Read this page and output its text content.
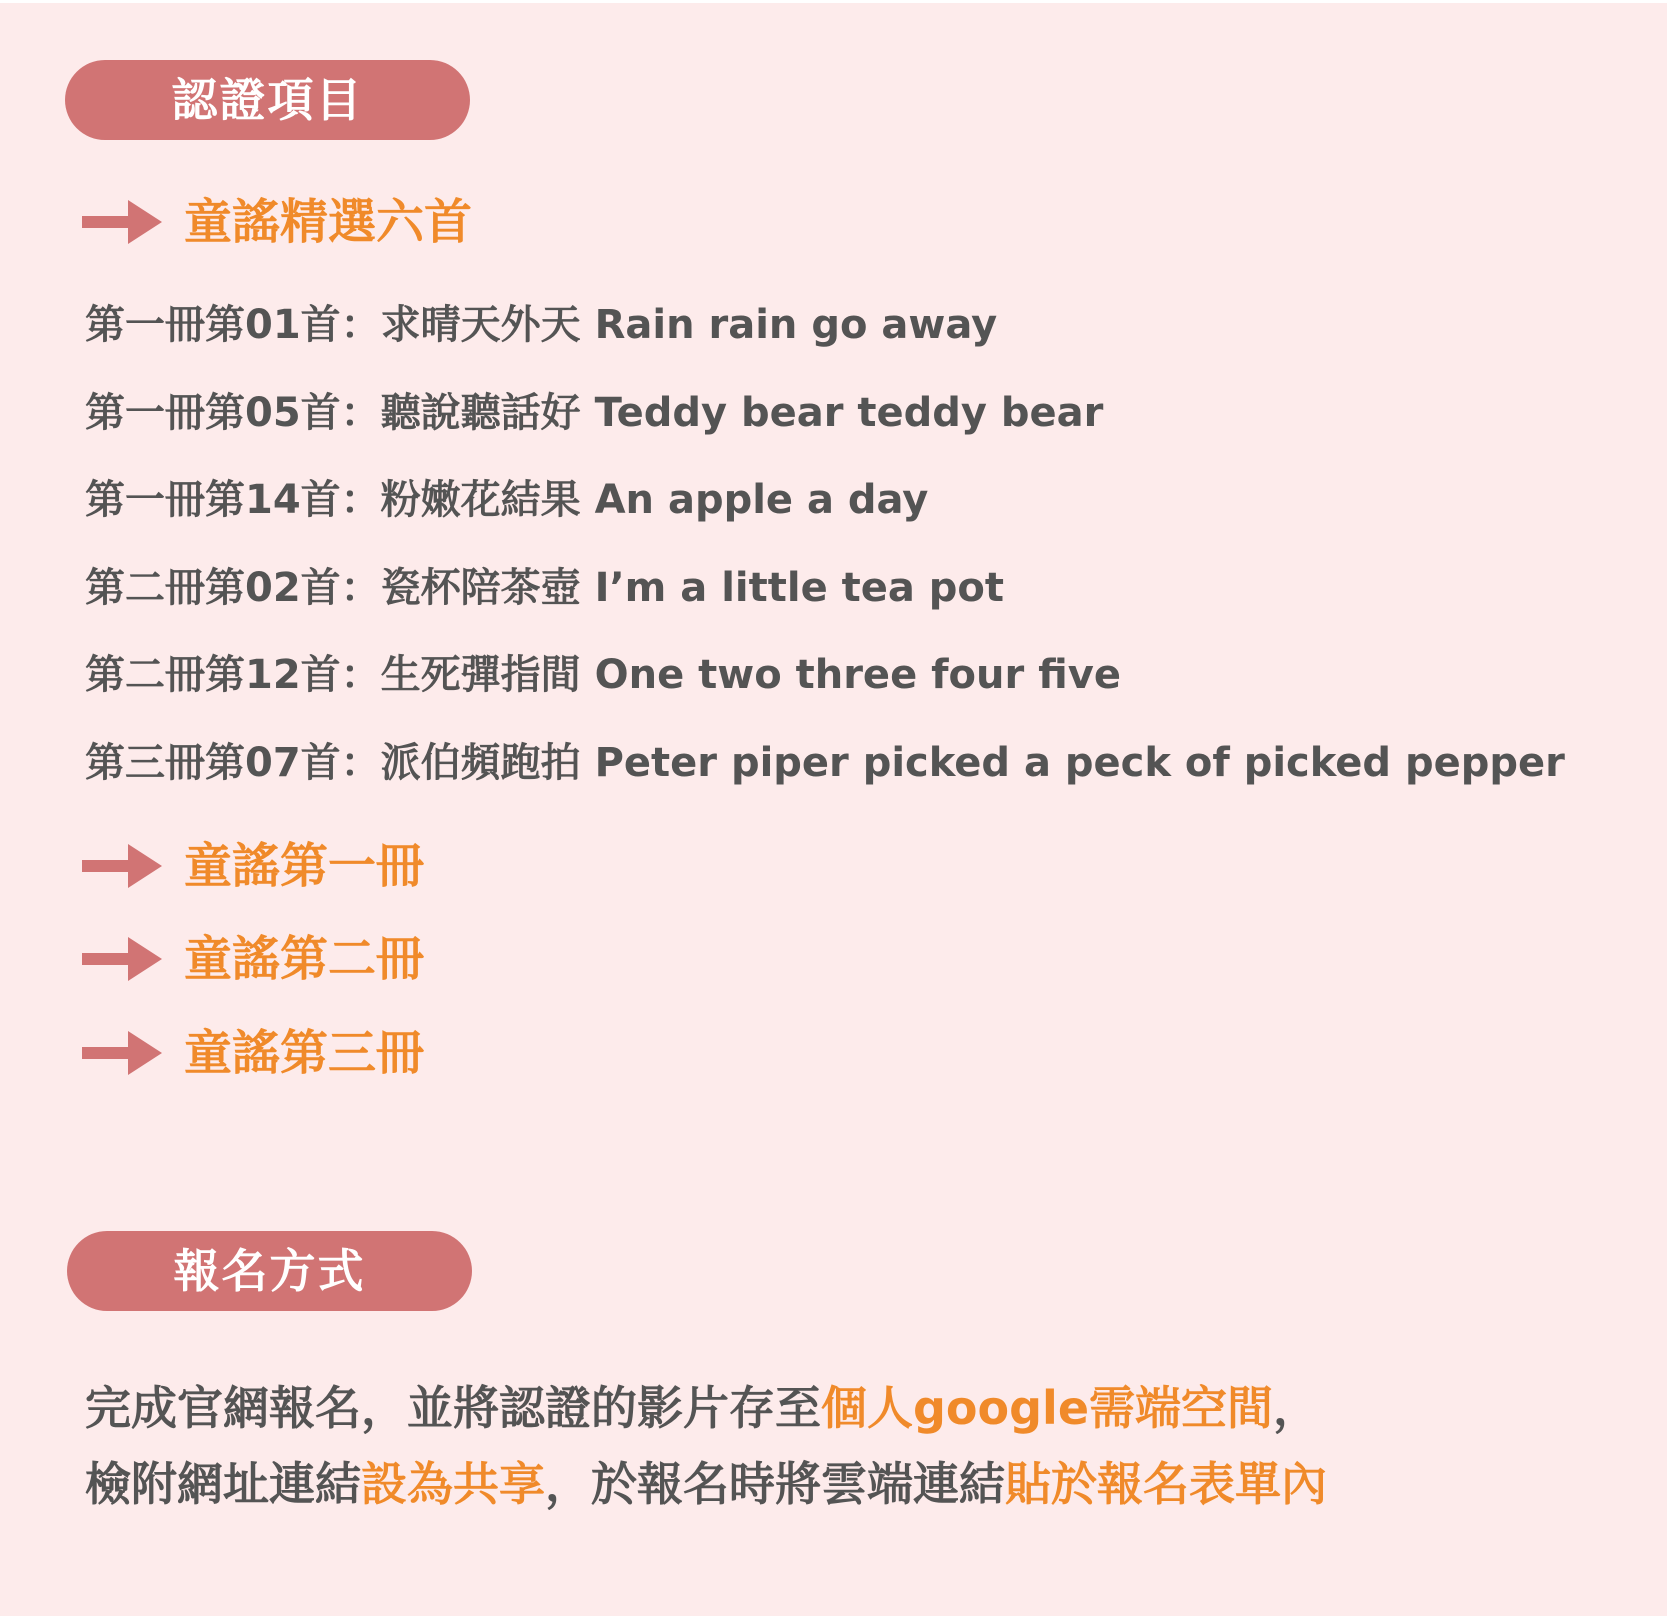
認證項目
童謠精選六首
第一冊第01首：求晴天外天 Rain rain go away
第一冊第05首：聽說聽話好 Teddy bear teddy bear
第一冊第14首：粉嫩花結果 An apple a day
第二冊第02首：瓷杯陪茶壺 I’m a little tea pot
第二冊第12首：生死彈指間 One two three four five
第三冊第07首：派伯頻跑拍 Peter piper picked a peck of picked pepper
童謠第一冊
童謠第二冊
童謠第三冊
報名方式
完成官網報名，並將認證的影片存至個人google需端空間，
檢附網址連結設為共享，於報名時將雲端連結貼於報名表單內
